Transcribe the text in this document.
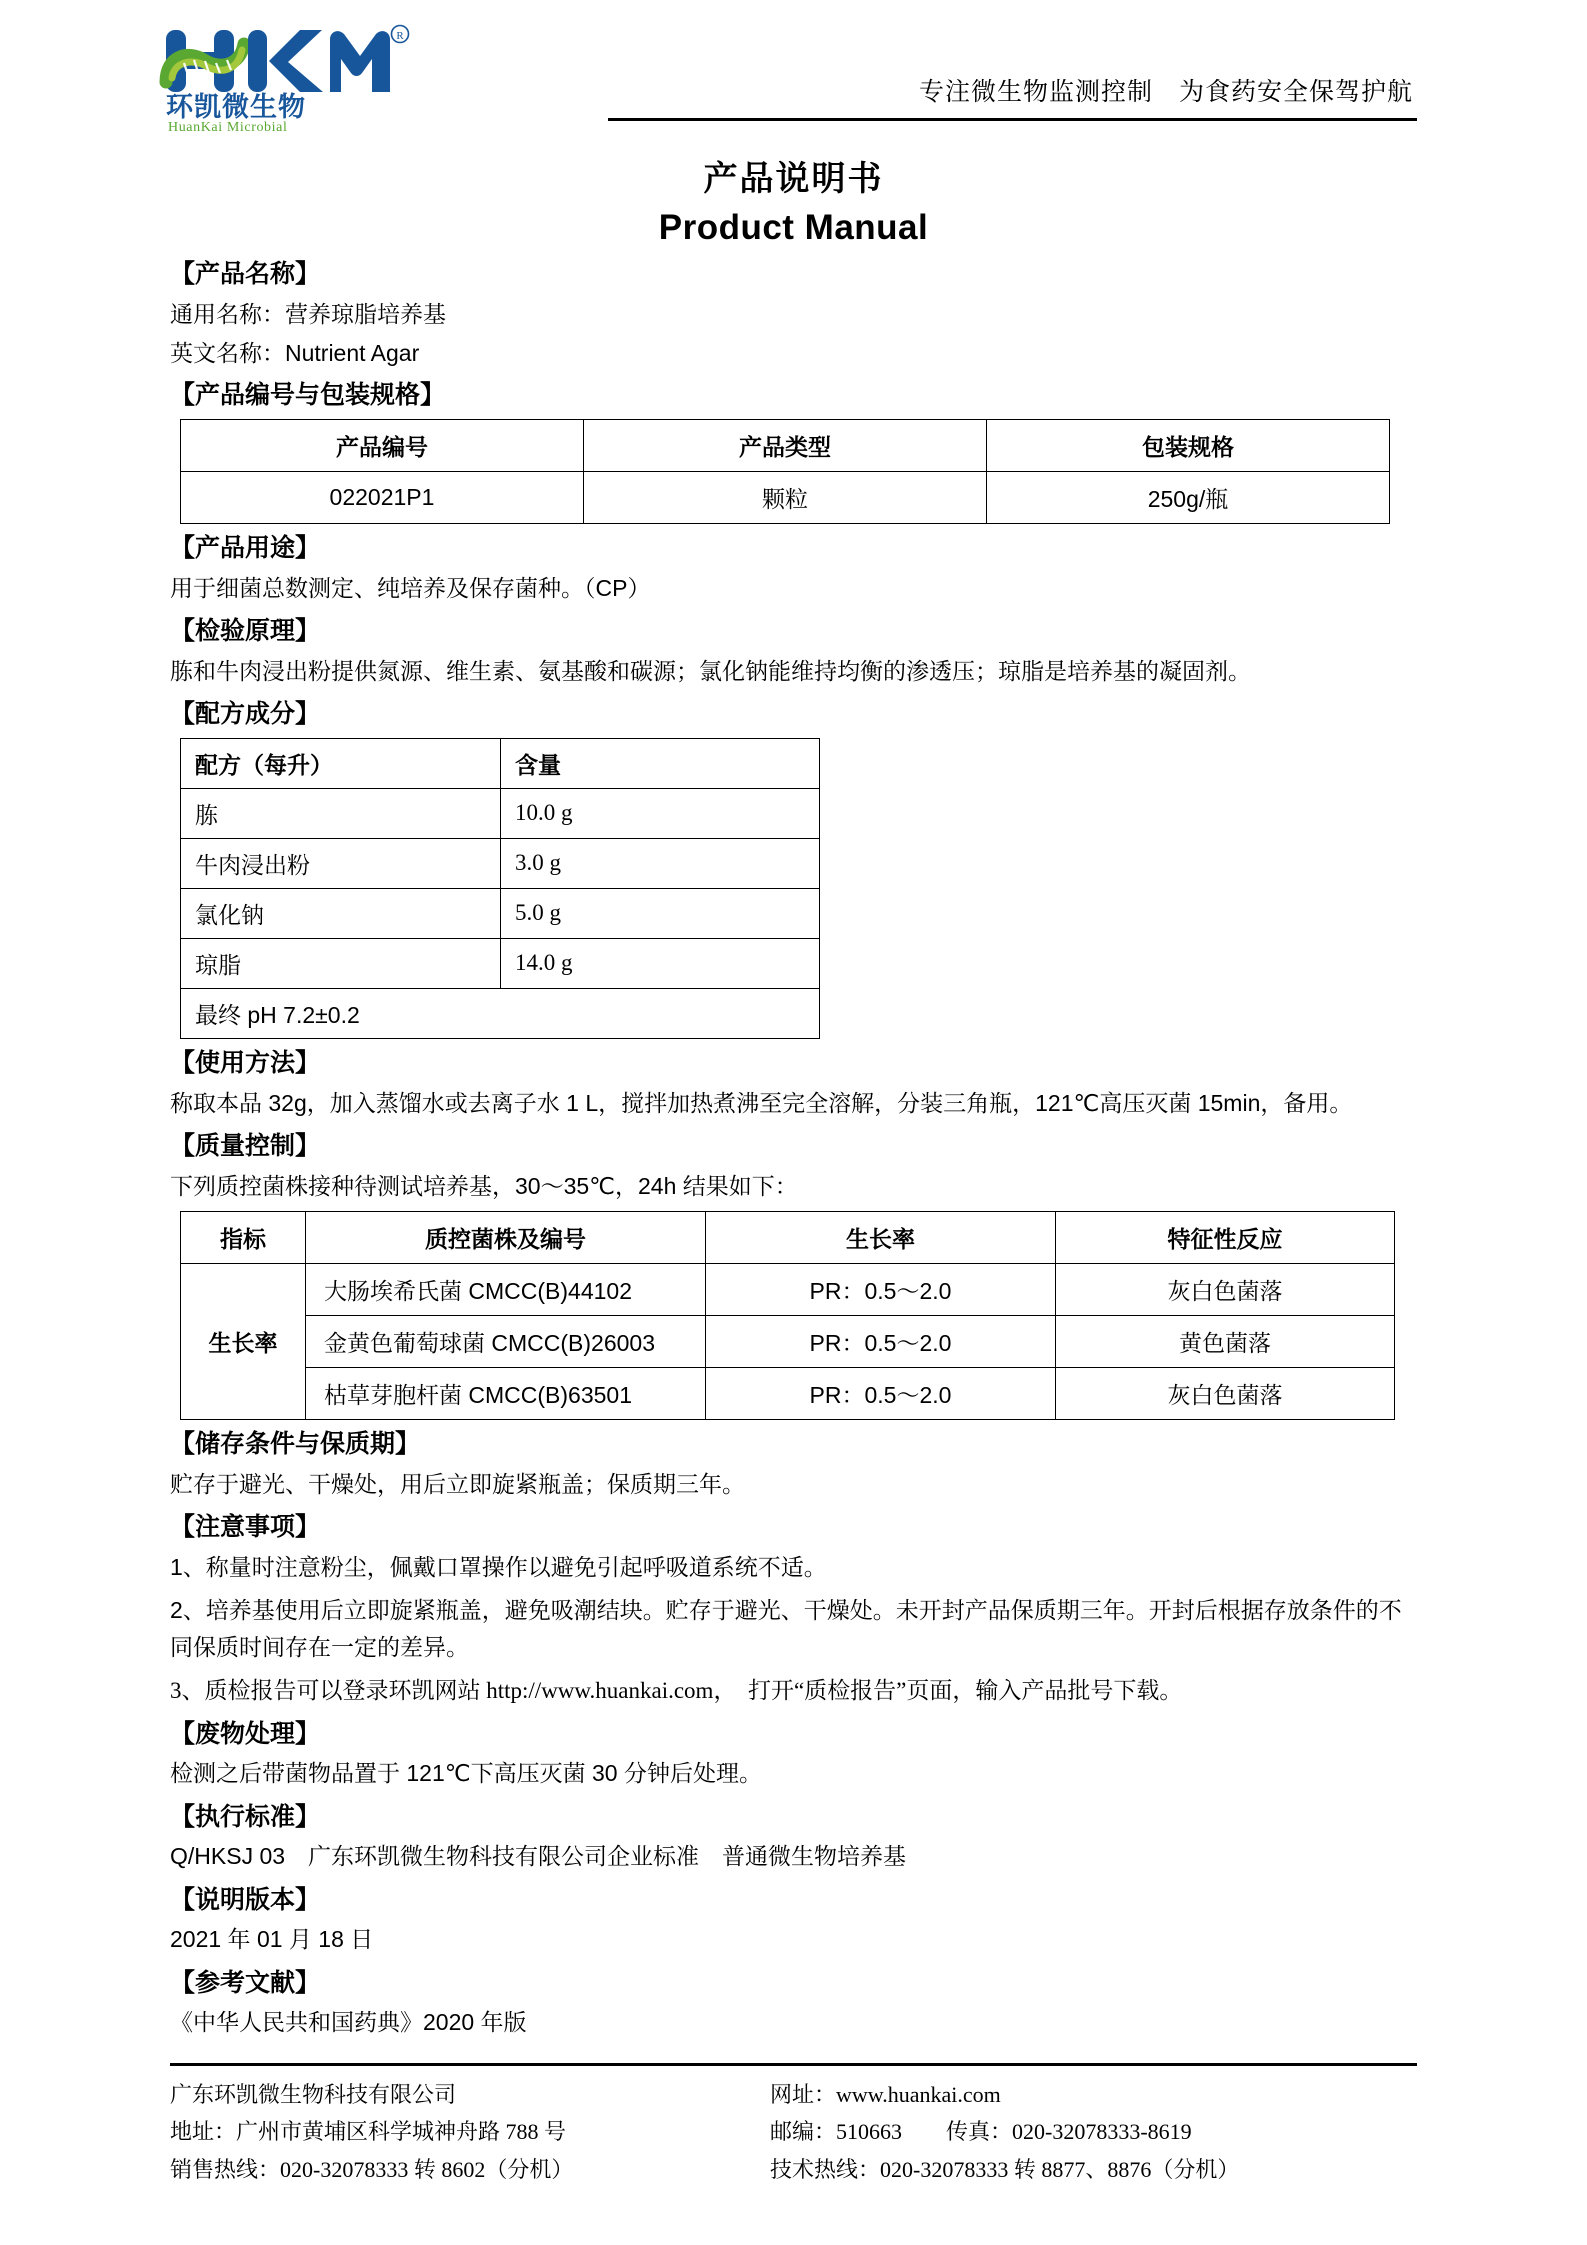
R
环凯微生物
HuanKai Microbial
专注微生物监测控制　为食药安全保驾护航
产品说明书
Product Manual
【产品名称】
通用名称：营养琼脂培养基
英文名称：Nutrient Agar
【产品编号与包装规格】
产品编号	产品类型	包装规格
022021P1	颗粒	250g/瓶
【产品用途】
用于细菌总数测定、纯培养及保存菌种。（CP）
【检验原理】
胨和牛肉浸出粉提供氮源、维生素、氨基酸和碳源；氯化钠能维持均衡的渗透压；琼脂是培养基的凝固剂。
【配方成分】
配方（每升）	含量
胨	10.0 g
牛肉浸出粉	3.0 g
氯化钠	5.0 g
琼脂	14.0 g
最终 pH 7.2±0.2	
【使用方法】
称取本品 32g，加入蒸馏水或去离子水 1 L，搅拌加热煮沸至完全溶解，分装三角瓶，121℃高压灭菌 15min，备用。
【质量控制】
下列质控菌株接种待测试培养基，30～35℃，24h 结果如下：
指标	质控菌株及编号	生长率	特征性反应
生长率	大肠埃希氏菌 CMCC(B)44102	PR：0.5～2.0	灰白色菌落
	金黄色葡萄球菌 CMCC(B)26003	PR：0.5～2.0	黄色菌落
	枯草芽胞杆菌 CMCC(B)63501	PR：0.5～2.0	灰白色菌落
【储存条件与保质期】
贮存于避光、干燥处，用后立即旋紧瓶盖；保质期三年。
【注意事项】
1、称量时注意粉尘，佩戴口罩操作以避免引起呼吸道系统不适。
2、培养基使用后立即旋紧瓶盖，避免吸潮结块。贮存于避光、干燥处。未开封产品保质期三年。开封后根据存放条件的不同保质时间存在一定的差异。
3、质检报告可以登录环凯网站 http://www.huankai.com，　打开“质检报告”页面，输入产品批号下载。
【废物处理】
检测之后带菌物品置于 121℃下高压灭菌 30 分钟后处理。
【执行标准】
Q/HKSJ 03　广东环凯微生物科技有限公司企业标准　普通微生物培养基
【说明版本】
2021 年 01 月 18 日
【参考文献】
《中华人民共和国药典》2020 年版
广东环凯微生物科技有限公司
地址：广州市黄埔区科学城神舟路 788 号
销售热线：020-32078333 转 8602（分机）
网址：www.huankai.com
邮编：510663　　传真：020-32078333-8619
技术热线：020-32078333 转 8877、8876（分机）
